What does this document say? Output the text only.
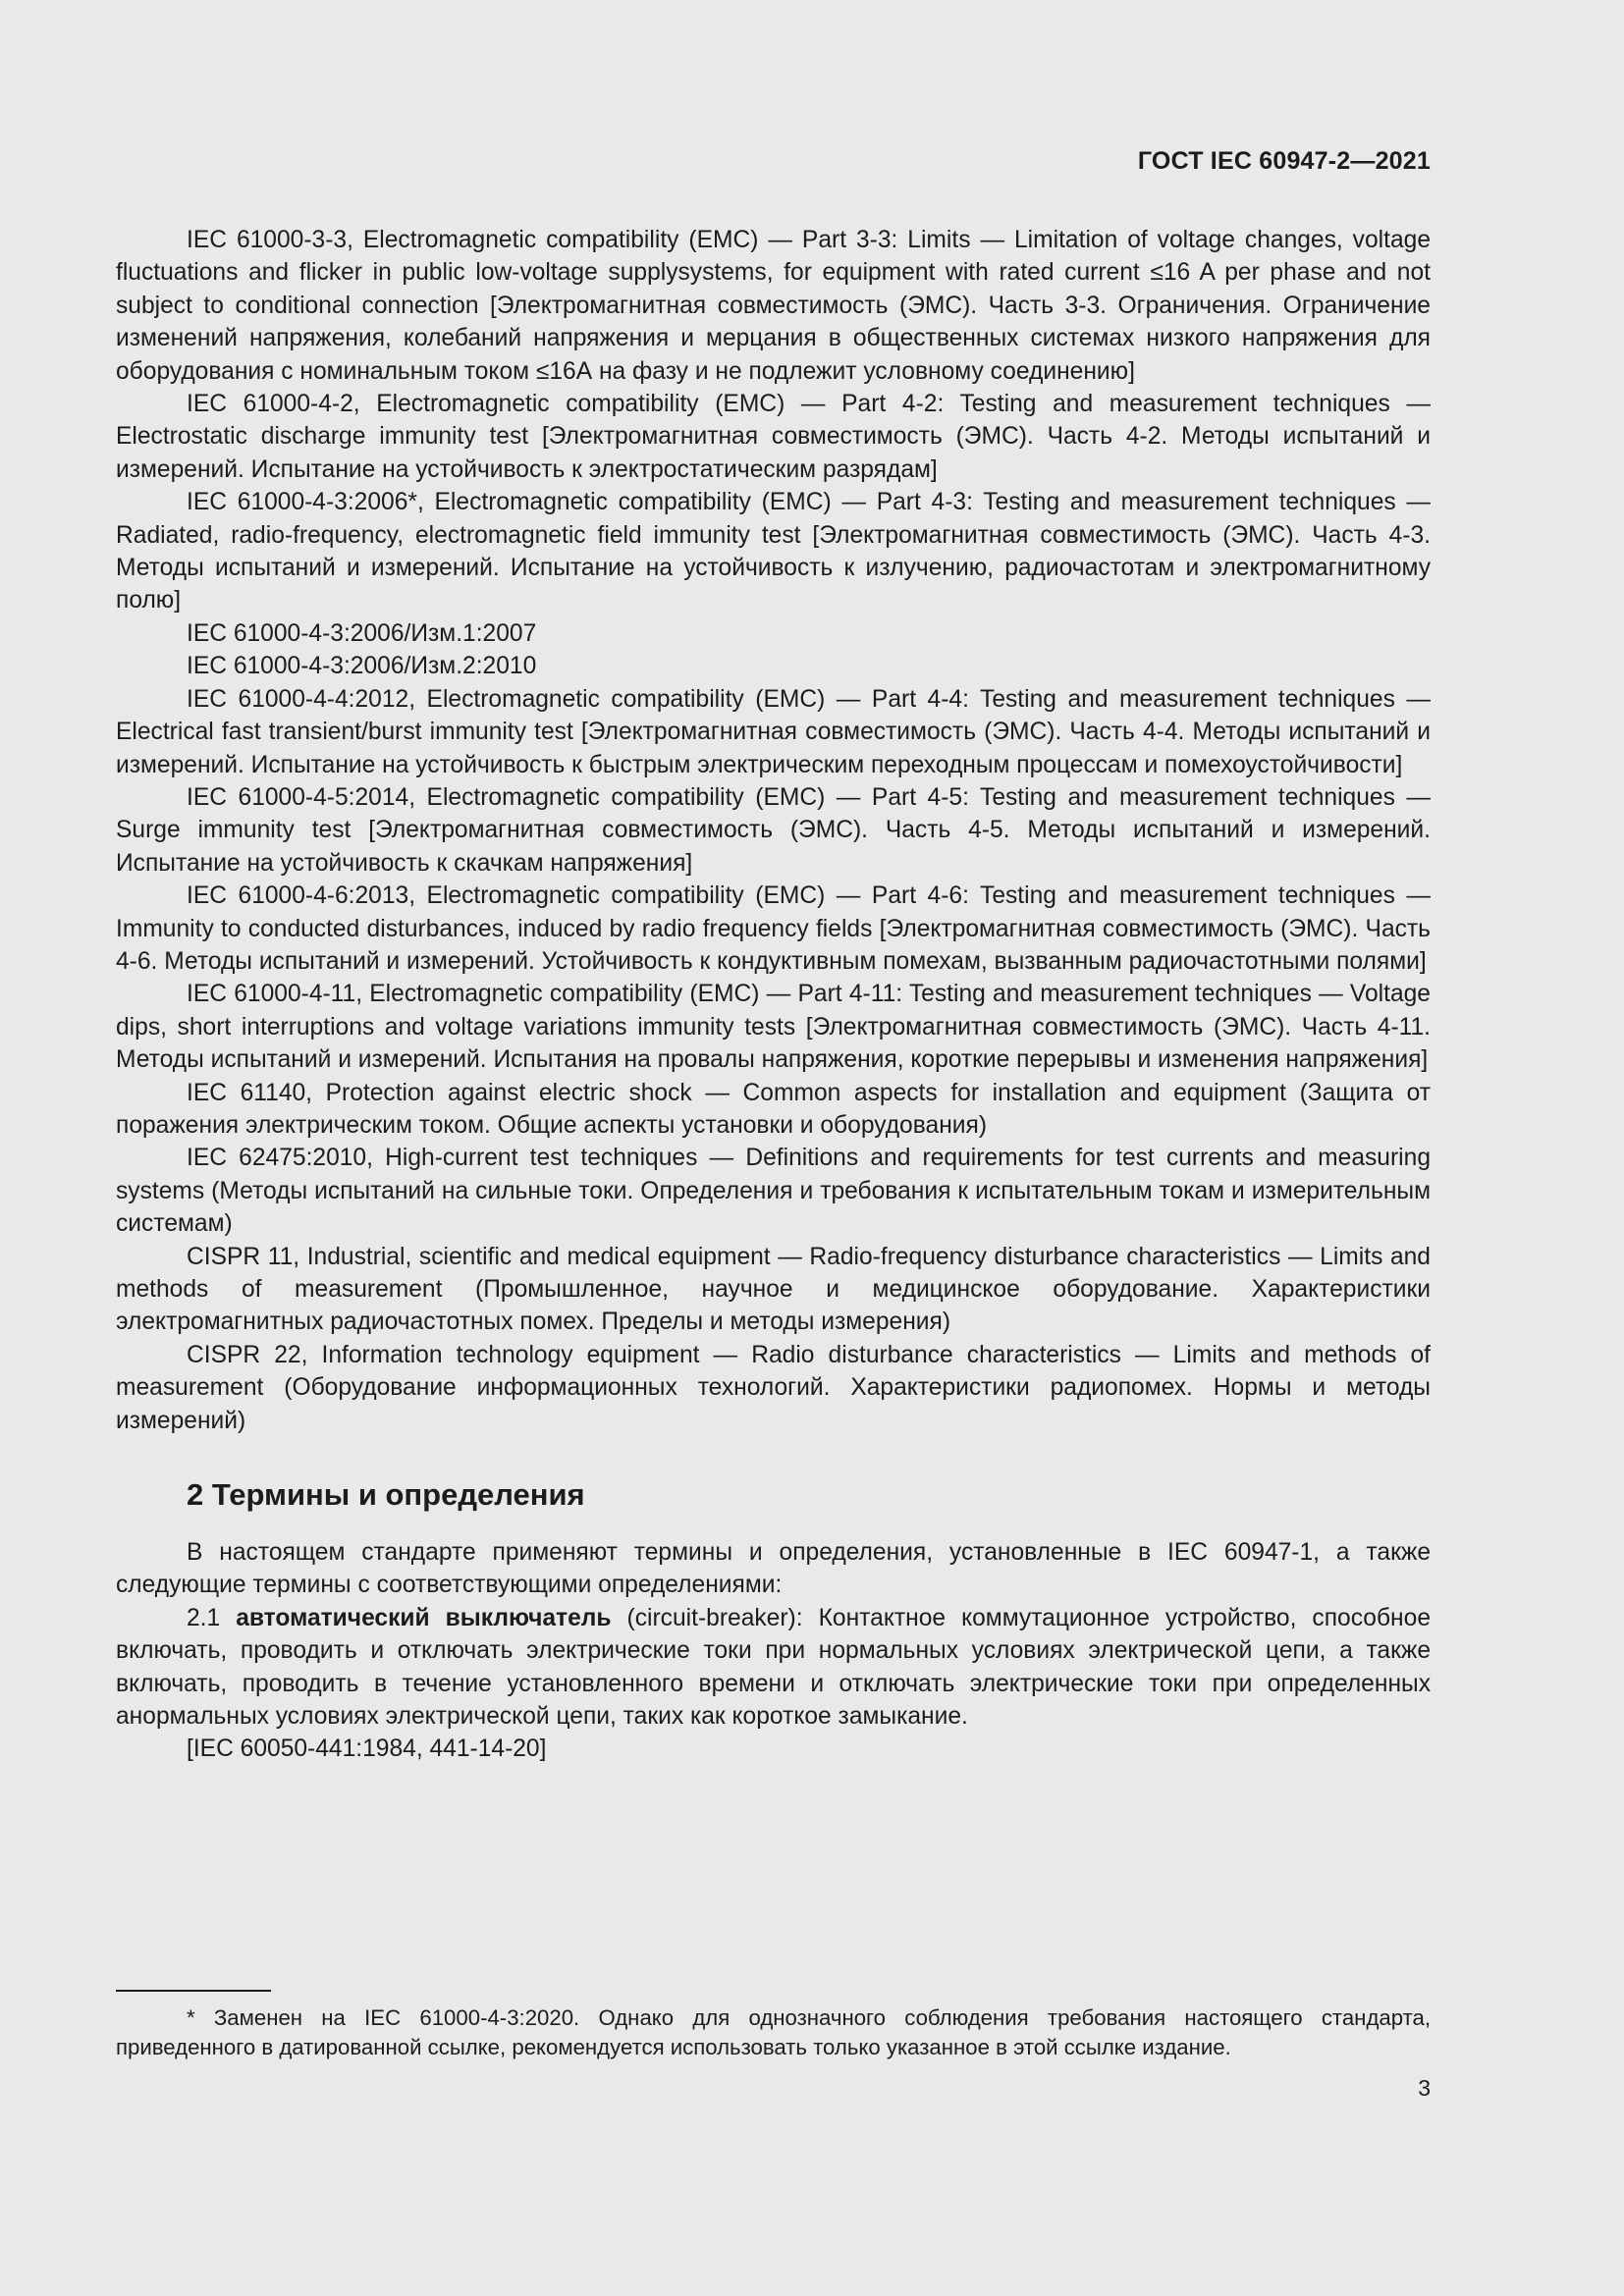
ГОСТ IEC 60947-2—2021

IEC 61000-3-3, Electromagnetic compatibility (EMC) — Part 3-3: Limits — Limitation of voltage changes, voltage fluctuations and flicker in public low-voltage supplysystems, for equipment with rated current ≤16 A per phase and not subject to conditional connection [Электромагнитная совместимость (ЭМС). Часть 3-3. Ограничения. Ограничение изменений напряжения, колебаний напряжения и мерцания в общественных системах низкого напряжения для оборудования с номинальным током ≤16А на фазу и не подлежит условному соединению]

IEC 61000-4-2, Electromagnetic compatibility (EMC) — Part 4-2: Testing and measurement techniques — Electrostatic discharge immunity test [Электромагнитная совместимость (ЭМС). Часть 4-2. Методы испытаний и измерений. Испытание на устойчивость к электростатическим разрядам]

IEC 61000-4-3:2006*, Electromagnetic compatibility (EMC) — Part 4-3: Testing and measurement techniques — Radiated, radio-frequency, electromagnetic field immunity test [Электромагнитная совместимость (ЭМС). Часть 4-3. Методы испытаний и измерений. Испытание на устойчивость к излучению, радиочастотам и электромагнитному полю]

IEC 61000-4-3:2006/Изм.1:2007

IEC 61000-4-3:2006/Изм.2:2010

IEC 61000-4-4:2012, Electromagnetic compatibility (EMC) — Part 4-4: Testing and measurement techniques — Electrical fast transient/burst immunity test [Электромагнитная совместимость (ЭМС). Часть 4-4. Методы испытаний и измерений. Испытание на устойчивость к быстрым электрическим переходным процессам и помехоустойчивости]

IEC 61000-4-5:2014, Electromagnetic compatibility (EMC) — Part 4-5: Testing and measurement techniques — Surge immunity test [Электромагнитная совместимость (ЭМС). Часть 4-5. Методы испытаний и измерений. Испытание на устойчивость к скачкам напряжения]

IEC 61000-4-6:2013, Electromagnetic compatibility (EMC) — Part 4-6: Testing and measurement techniques — Immunity to conducted disturbances, induced by radio frequency fields [Электромагнитная совместимость (ЭМС). Часть 4-6. Методы испытаний и измерений. Устойчивость к кондуктивным помехам, вызванным радиочастотными полями]

IEC 61000-4-11, Electromagnetic compatibility (EMC) — Part 4-11: Testing and measurement techniques — Voltage dips, short interruptions and voltage variations immunity tests [Электромагнитная совместимость (ЭМС). Часть 4-11. Методы испытаний и измерений. Испытания на провалы напряжения, короткие перерывы и изменения напряжения]

IEC 61140, Protection against electric shock — Common aspects for installation and equipment (Защита от поражения электрическим током. Общие аспекты установки и оборудования)

IEC 62475:2010, High-current test techniques — Definitions and requirements for test currents and measuring systems (Методы испытаний на сильные токи. Определения и требования к испытательным токам и измерительным системам)

CISPR 11, Industrial, scientific and medical equipment — Radio-frequency disturbance characteristics — Limits and methods of measurement (Промышленное, научное и медицинское оборудование. Характеристики электромагнитных радиочастотных помех. Пределы и методы измерения)

CISPR 22, Information technology equipment — Radio disturbance characteristics — Limits and methods of measurement (Оборудование информационных технологий. Характеристики радиопомех. Нормы и методы измерений)

2 Термины и определения

В настоящем стандарте применяют термины и определения, установленные в IEC 60947-1, а также следующие термины с соответствующими определениями:

2.1 автоматический выключатель (circuit-breaker): Контактное коммутационное устройство, способное включать, проводить и отключать электрические токи при нормальных условиях электрической цепи, а также включать, проводить в течение установленного времени и отключать электрические токи при определенных анормальных условиях электрической цепи, таких как короткое замыкание.

[IEC 60050-441:1984, 441-14-20]

* Заменен на IEC 61000-4-3:2020. Однако для однозначного соблюдения требования настоящего стандарта, приведенного в датированной ссылке, рекомендуется использовать только указанное в этой ссылке издание.

3
